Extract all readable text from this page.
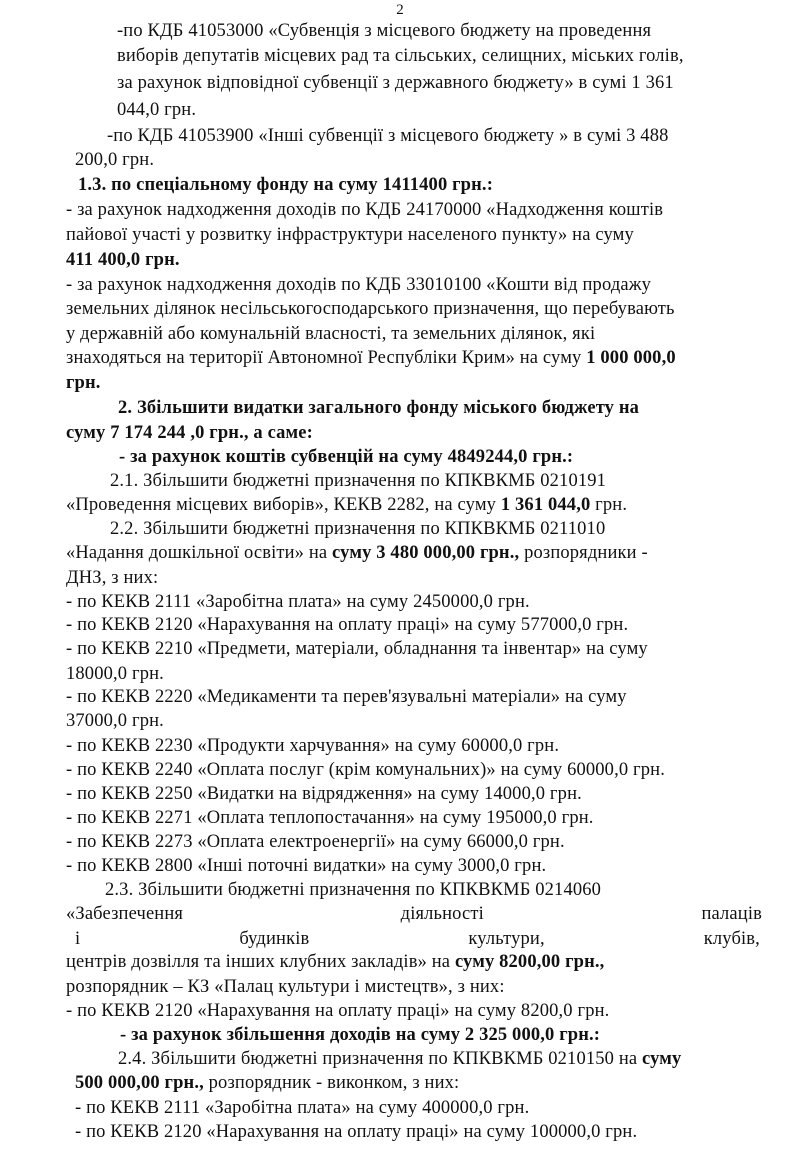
2
-по КДБ 41053000 «Субвенція з місцевого бюджету на проведення
виборів депутатів місцевих рад та сільських, селищних, міських голів,
за рахунок відповідної субвенції з державного бюджету» в сумі 1 361
044,0 грн.
-по КДБ 41053900 «Інші субвенції з місцевого бюджету » в сумі 3 488
200,0 грн.
1.3. по спеціальному фонду на суму 1411400 грн.:
- за рахунок надходження доходів по КДБ 24170000 «Надходження коштів
пайової участі у розвитку інфраструктури населеного пункту» на суму
411 400,0 грн.
- за рахунок надходження доходів по КДБ 33010100 «Кошти від продажу
земельних ділянок несільськогосподарського призначення, що перебувають
у державній або комунальній власності, та земельних ділянок, які
знаходяться на території Автономної Республіки Крим» на суму 1 000 000,0
грн.
2. Збільшити видатки загального фонду міського бюджету на
суму 7 174 244 ,0 грн., а саме:
- за рахунок коштів субвенцій на суму 4849244,0 грн.:
2.1. Збільшити бюджетні призначення по КПКВКМБ 0210191
«Проведення місцевих виборів», КЕКВ 2282, на суму 1 361 044,0 грн.
2.2. Збільшити бюджетні призначення по КПКВКМБ 0211010
«Надання дошкільної освіти» на суму 3 480 000,00 грн., розпорядники -
ДНЗ, з них:
- по КЕКВ 2111 «Заробітна плата» на суму 2450000,0 грн.
- по КЕКВ 2120 «Нарахування на оплату праці» на суму 577000,0 грн.
- по КЕКВ 2210 «Предмети, матеріали, обладнання та інвентар» на суму
18000,0 грн.
- по КЕКВ 2220 «Медикаменти та перев'язувальні матеріали» на суму
37000,0 грн.
- по КЕКВ 2230 «Продукти харчування» на суму 60000,0 грн.
- по КЕКВ 2240 «Оплата послуг (крім комунальних)» на суму 60000,0 грн.
- по КЕКВ 2250 «Видатки на відрядження» на суму 14000,0 грн.
- по КЕКВ 2271 «Оплата теплопостачання» на суму 195000,0 грн.
- по КЕКВ 2273 «Оплата електроенергії» на суму 66000,0 грн.
- по КЕКВ 2800 «Інші поточні видатки» на суму 3000,0 грн.
2.3. Збільшити бюджетні призначення по КПКВКМБ 0214060
«Забезпечення	діяльності	палаців
і	будинків	культури,	клубів,
центрів дозвілля та інших клубних закладів» на суму 8200,00 грн.,
розпорядник – КЗ «Палац культури і мистецтв», з них:
- по КЕКВ 2120 «Нарахування на оплату праці» на суму 8200,0 грн.
- за рахунок збільшення доходів на суму 2 325 000,0 грн.:
2.4. Збільшити бюджетні призначення по КПКВКМБ 0210150 на суму
500 000,00 грн., розпорядник - виконком, з них:
- по КЕКВ 2111 «Заробітна плата» на суму 400000,0 грн.
- по КЕКВ 2120 «Нарахування на оплату праці» на суму 100000,0 грн.
